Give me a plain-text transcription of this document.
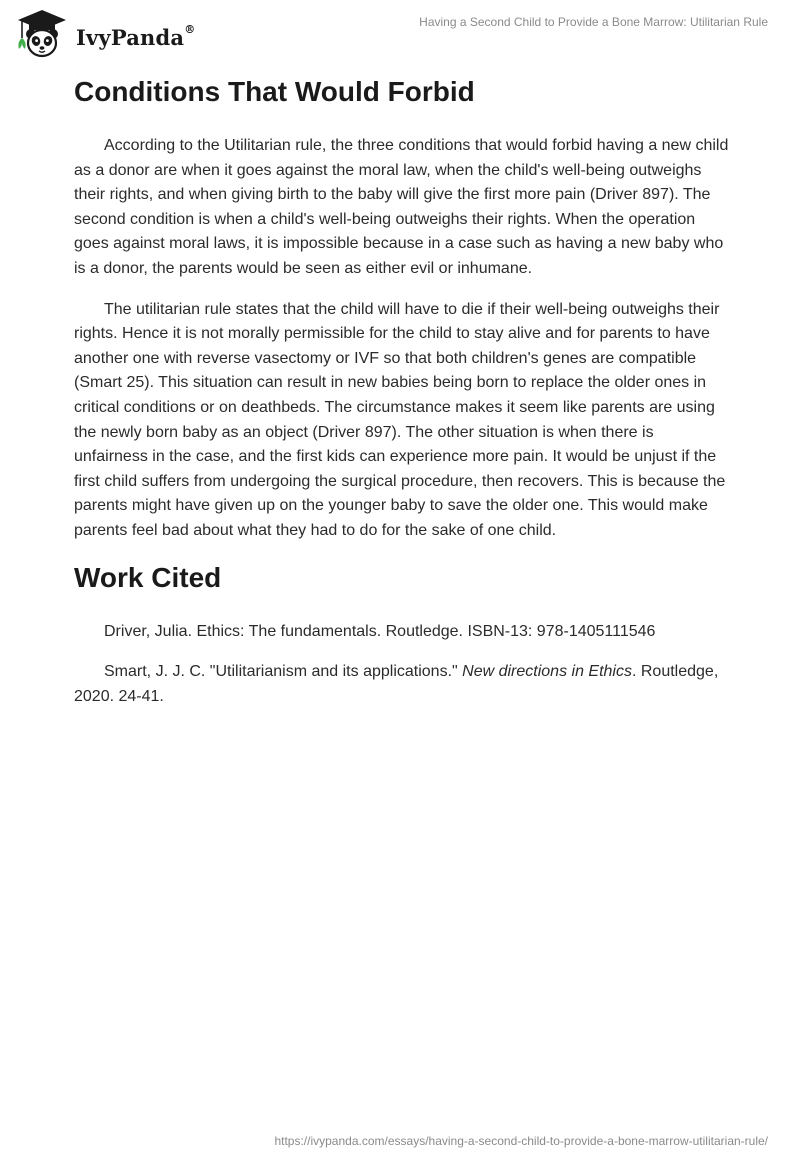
IvyPanda®	Having a Second Child to Provide a Bone Marrow: Utilitarian Rule
Conditions That Would Forbid

According to the Utilitarian rule, the three conditions that would forbid having a new child as a donor are when it goes against the moral law, when the child's well-being outweighs their rights, and when giving birth to the baby will give the first more pain (Driver 897). The second condition is when a child's well-being outweighs their rights. When the operation goes against moral laws, it is impossible because in a case such as having a new baby who is a donor, the parents would be seen as either evil or inhumane.

The utilitarian rule states that the child will have to die if their well-being outweighs their rights. Hence it is not morally permissible for the child to stay alive and for parents to have another one with reverse vasectomy or IVF so that both children's genes are compatible (Smart 25). This situation can result in new babies being born to replace the older ones in critical conditions or on deathbeds. The circumstance makes it seem like parents are using the newly born baby as an object (Driver 897). The other situation is when there is unfairness in the case, and the first kids can experience more pain. It would be unjust if the first child suffers from undergoing the surgical procedure, then recovers. This is because the parents might have given up on the younger baby to save the older one. This would make parents feel bad about what they had to do for the sake of one child.

Work Cited

Driver, Julia. Ethics: The fundamentals. Routledge. ISBN-13: 978-1405111546

Smart, J. J. C. "Utilitarianism and its applications." New directions in Ethics. Routledge, 2020. 24-41.

https://ivypanda.com/essays/having-a-second-child-to-provide-a-bone-marrow-utilitarian-rule/
